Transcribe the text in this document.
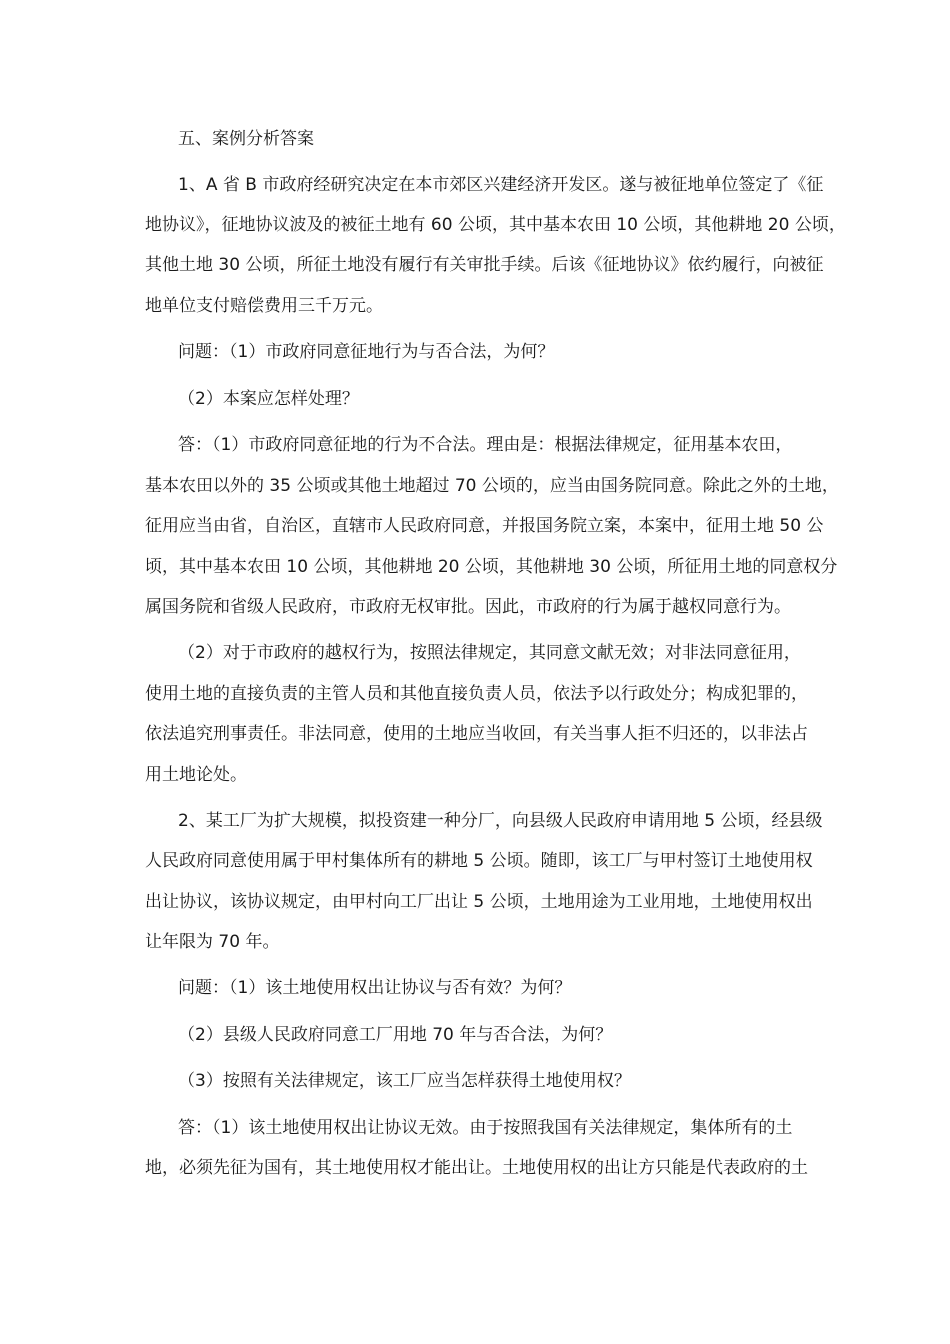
五、案例分析答案

1、A 省 B 市政府经研究决定在本市郊区兴建经济开发区。遂与被征地单位签定了《征

地协议》，征地协议波及的被征土地有 60 公顷，其中基本农田 10 公顷，其他耕地 20 公顷，

其他土地 30 公顷，所征土地没有履行有关审批手续。后该《征地协议》依约履行，向被征

地单位支付赔偿费用三千万元。

问题：（1）市政府同意征地行为与否合法，为何？

（2）本案应怎样处理？

答：（1）市政府同意征地的行为不合法。理由是：根据法律规定，征用基本农田，

基本农田以外的 35 公顷或其他土地超过 70 公顷的，应当由国务院同意。除此之外的土地，

征用应当由省，自治区，直辖市人民政府同意，并报国务院立案，本案中，征用土地 50 公

顷，其中基本农田 10 公顷，其他耕地 20 公顷，其他耕地 30 公顷，所征用土地的同意权分

属国务院和省级人民政府，市政府无权审批。因此，市政府的行为属于越权同意行为。

（2）对于市政府的越权行为，按照法律规定，其同意文献无效；对非法同意征用，

使用土地的直接负责的主管人员和其他直接负责人员，依法予以行政处分；构成犯罪的，

依法追究刑事责任。非法同意，使用的土地应当收回，有关当事人拒不归还的，以非法占

用土地论处。

2、某工厂为扩大规模，拟投资建一种分厂，向县级人民政府申请用地 5 公顷，经县级

人民政府同意使用属于甲村集体所有的耕地 5 公顷。随即，该工厂与甲村签订土地使用权

出让协议，该协议规定，由甲村向工厂出让 5 公顷，土地用途为工业用地，土地使用权出

让年限为 70 年。

问题：（1）该土地使用权出让协议与否有效？为何？

（2）县级人民政府同意工厂用地 70 年与否合法，为何？

（3）按照有关法律规定，该工厂应当怎样获得土地使用权？

答：（1）该土地使用权出让协议无效。由于按照我国有关法律规定，集体所有的土

地，必须先征为国有，其土地使用权才能出让。土地使用权的出让方只能是代表政府的土
